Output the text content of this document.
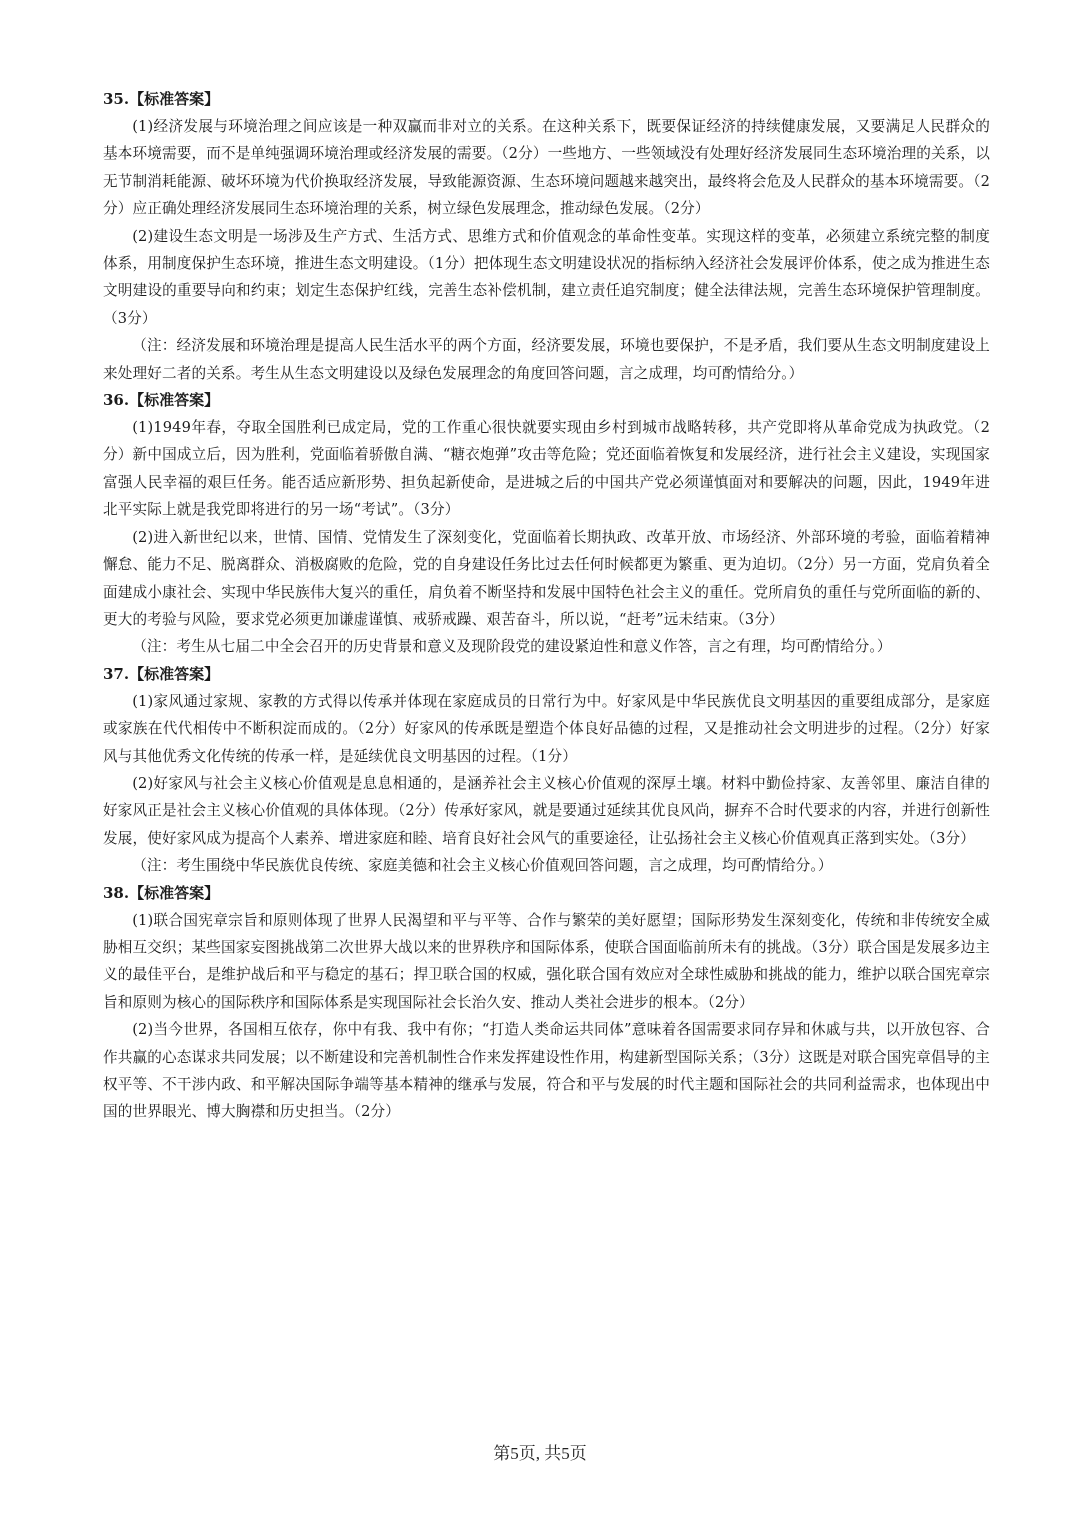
35.【标准答案】

(1)经济发展与环境治理之间应该是一种双赢而非对立的关系。在这种关系下，既要保证经济的持续健康发展，又要满足人民群众的基本环境需要，而不是单纯强调环境治理或经济发展的需要。（2分）一些地方、一些领域没有处理好经济发展同生态环境治理的关系，以无节制消耗能源、破坏环境为代价换取经济发展，导致能源资源、生态环境问题越来越突出，最终将会危及人民群众的基本环境需要。（2分）应正确处理经济发展同生态环境治理的关系，树立绿色发展理念，推动绿色发展。（2分）

(2)建设生态文明是一场涉及生产方式、生活方式、思维方式和价值观念的革命性变革。实现这样的变革，必须建立系统完整的制度体系，用制度保护生态环境，推进生态文明建设。（1分）把体现生态文明建设状况的指标纳入经济社会发展评价体系，使之成为推进生态文明建设的重要导向和约束；划定生态保护红线，完善生态补偿机制，建立责任追究制度；健全法律法规，完善生态环境保护管理制度。（3分）

（注：经济发展和环境治理是提高人民生活水平的两个方面，经济要发展，环境也要保护，不是矛盾，我们要从生态文明制度建设上来处理好二者的关系。考生从生态文明建设以及绿色发展理念的角度回答问题，言之成理，均可酌情给分。）

36.【标准答案】

(1)1949年春，夺取全国胜利已成定局，党的工作重心很快就要实现由乡村到城市战略转移，共产党即将从革命党成为执政党。（2分）新中国成立后，因为胜利，党面临着骄傲自满、“糖衣炮弹”攻击等危险；党还面临着恢复和发展经济，进行社会主义建设，实现国家富强人民幸福的艰巨任务。能否适应新形势、担负起新使命，是进城之后的中国共产党必须谨慎面对和要解决的问题，因此，1949年进北平实际上就是我党即将进行的另一场“考试”。（3分）

(2)进入新世纪以来，世情、国情、党情发生了深刻变化，党面临着长期执政、改革开放、市场经济、外部环境的考验，面临着精神懈怠、能力不足、脱离群众、消极腐败的危险，党的自身建设任务比过去任何时候都更为繁重、更为迫切。（2分）另一方面，党肩负着全面建成小康社会、实现中华民族伟大复兴的重任，肩负着不断坚持和发展中国特色社会主义的重任。党所肩负的重任与党所面临的新的、更大的考验与风险，要求党必须更加谦虚谨慎、戒骄戒躁、艰苦奋斗，所以说，“赶考”远未结束。（3分）

（注：考生从七届二中全会召开的历史背景和意义及现阶段党的建设紧迫性和意义作答，言之有理，均可酌情给分。）

37.【标准答案】

(1)家风通过家规、家教的方式得以传承并体现在家庭成员的日常行为中。好家风是中华民族优良文明基因的重要组成部分，是家庭或家族在代代相传中不断积淀而成的。（2分）好家风的传承既是塑造个体良好品德的过程，又是推动社会文明进步的过程。（2分）好家风与其他优秀文化传统的传承一样，是延续优良文明基因的过程。（1分）

(2)好家风与社会主义核心价值观是息息相通的，是涵养社会主义核心价值观的深厚土壤。材料中勤俭持家、友善邻里、廉洁自律的好家风正是社会主义核心价值观的具体体现。（2分）传承好家风，就是要通过延续其优良风尚，摒弃不合时代要求的内容，并进行创新性发展，使好家风成为提高个人素养、增进家庭和睦、培育良好社会风气的重要途径，让弘扬社会主义核心价值观真正落到实处。（3分）

（注：考生围绕中华民族优良传统、家庭美德和社会主义核心价值观回答问题，言之成理，均可酌情给分。）

38.【标准答案】

(1)联合国宪章宗旨和原则体现了世界人民渴望和平与平等、合作与繁荣的美好愿望；国际形势发生深刻变化，传统和非传统安全威胁相互交织；某些国家妄图挑战第二次世界大战以来的世界秩序和国际体系，使联合国面临前所未有的挑战。（3分）联合国是发展多边主义的最佳平台，是维护战后和平与稳定的基石；捍卫联合国的权威，强化联合国有效应对全球性威胁和挑战的能力，维护以联合国宪章宗旨和原则为核心的国际秩序和国际体系是实现国际社会长治久安、推动人类社会进步的根本。（2分）

(2)当今世界，各国相互依存，你中有我、我中有你；“打造人类命运共同体”意味着各国需要求同存异和休戚与共，以开放包容、合作共赢的心态谋求共同发展；以不断建设和完善机制性合作来发挥建设性作用，构建新型国际关系；（3分）这既是对联合国宪章倡导的主权平等、不干涉内政、和平解决国际争端等基本精神的继承与发展，符合和平与发展的时代主题和国际社会的共同利益需求，也体现出中国的世界眼光、博大胸襟和历史担当。（2分）

第5页, 共5页
